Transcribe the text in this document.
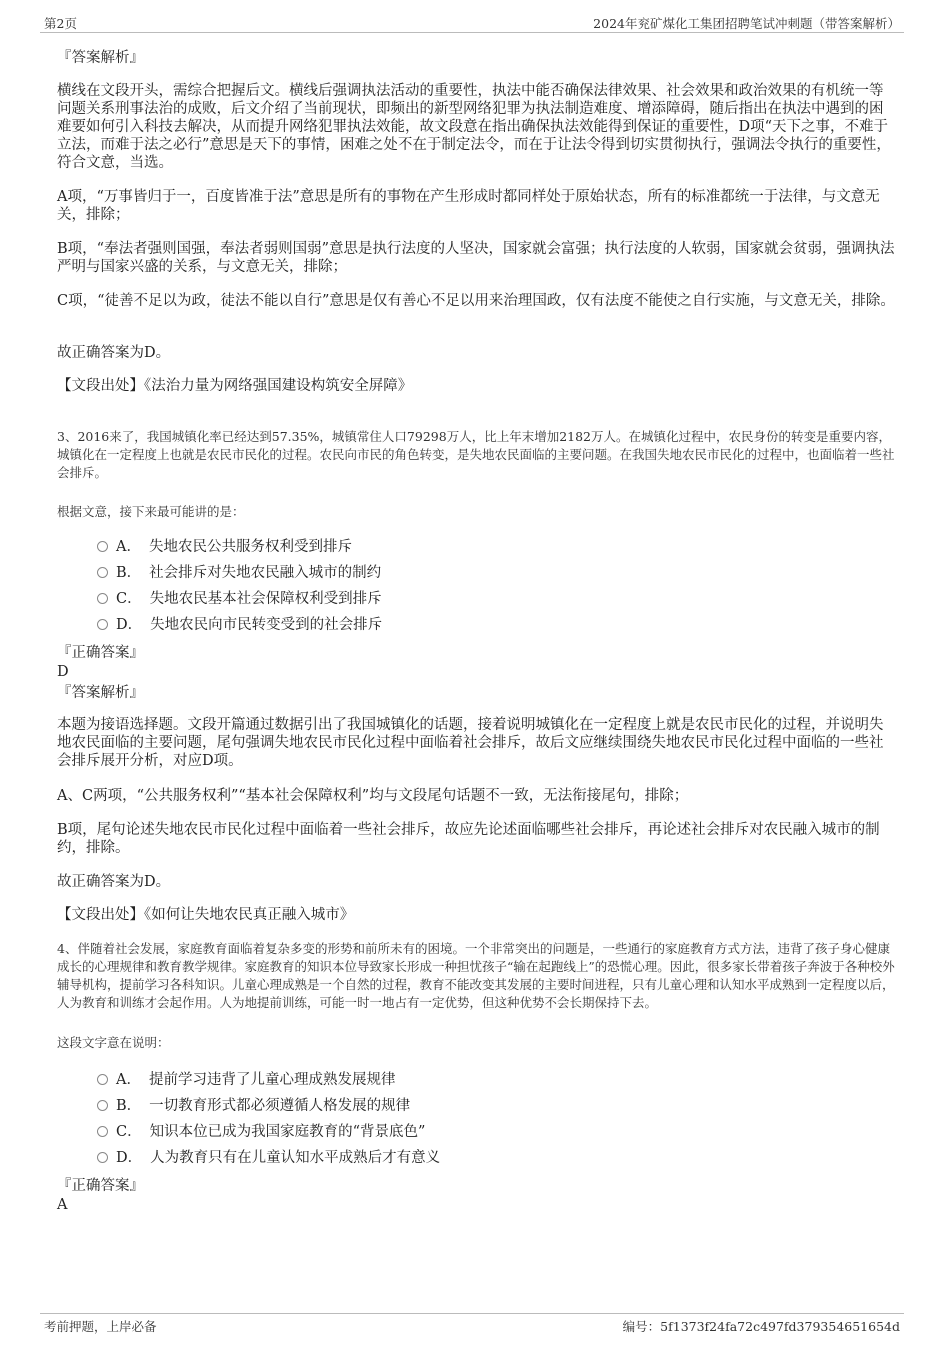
第2页	2024年兖矿煤化工集团招聘笔试冲刺题（带答案解析）
『答案解析』
横线在文段开头，需综合把握后文。横线后强调执法活动的重要性，执法中能否确保法律效果、社会效果和政治效果的有机统一等问题关系刑事法治的成败，后文介绍了当前现状，即频出的新型网络犯罪为执法制造难度、增添障碍，随后指出在执法中遇到的困难要如何引入科技去解决，从而提升网络犯罪执法效能，故文段意在指出确保执法效能得到保证的重要性，D项“天下之事，不难于立法，而难于法之必行”意思是天下的事情，困难之处不在于制定法令，而在于让法令得到切实贯彻执行，强调法令执行的重要性，符合文意，当选。
A项，“万事皆归于一，百度皆准于法”意思是所有的事物在产生形成时都同样处于原始状态，所有的标准都统一于法律，与文意无关，排除；
B项，“奉法者强则国强，奉法者弱则国弱”意思是执行法度的人坚决，国家就会富强；执行法度的人软弱，国家就会贫弱，强调执法严明与国家兴盛的关系，与文意无关，排除；
C项，“徒善不足以为政，徒法不能以自行”意思是仅有善心不足以用来治理国政，仅有法度不能使之自行实施，与文意无关，排除。
故正确答案为D。
【文段出处】《法治力量为网络强国建设构筑安全屏障》
3、2016来了，我国城镇化率已经达到57.35%，城镇常住人口79298万人，比上年末增加2182万人。在城镇化过程中，农民身份的转变是重要内容，城镇化在一定程度上也就是农民市民化的过程。农民向市民的角色转变，是失地农民面临的主要问题。在我国失地农民市民化的过程中，也面临着一些社会排斥。
根据文意，接下来最可能讲的是：
A． 失地农民公共服务权利受到排斥
B． 社会排斥对失地农民融入城市的制约
C． 失地农民基本社会保障权利受到排斥
D． 失地农民向市民转变受到的社会排斥
『正确答案』
D
『答案解析』
本题为接语选择题。文段开篇通过数据引出了我国城镇化的话题，接着说明城镇化在一定程度上就是农民市民化的过程，并说明失地农民面临的主要问题，尾句强调失地农民市民化过程中面临着社会排斥，故后文应继续围绕失地农民市民化过程中面临的一些社会排斥展开分析，对应D项。
A、C两项，“公共服务权利”“基本社会保障权利”均与文段尾句话题不一致，无法衔接尾句，排除；
B项，尾句论述失地农民市民化过程中面临着一些社会排斥，故应先论述面临哪些社会排斥，再论述社会排斥对农民融入城市的制约，排除。
故正确答案为D。
【文段出处】《如何让失地农民真正融入城市》
4、伴随着社会发展，家庭教育面临着复杂多变的形势和前所未有的困境。一个非常突出的问题是，一些通行的家庭教育方式方法，违背了孩子身心健康成长的心理规律和教育教学规律。家庭教育的知识本位导致家长形成一种担忧孩子“输在起跑线上”的恐慌心理。因此，很多家长带着孩子奔波于各种校外辅导机构，提前学习各科知识。儿童心理成熟是一个自然的过程，教育不能改变其发展的主要时间进程，只有儿童心理和认知水平成熟到一定程度以后，人为教育和训练才会起作用。人为地提前训练，可能一时一地占有一定优势，但这种优势不会长期保持下去。
这段文字意在说明：
A． 提前学习违背了儿童心理成熟发展规律
B． 一切教育形式都必须遵循人格发展的规律
C． 知识本位已成为我国家庭教育的“背景底色”
D． 人为教育只有在儿童认知水平成熟后才有意义
『正确答案』
A
考前押题，上岸必备	编号：5f1373f24fa72c497fd379354651654d
